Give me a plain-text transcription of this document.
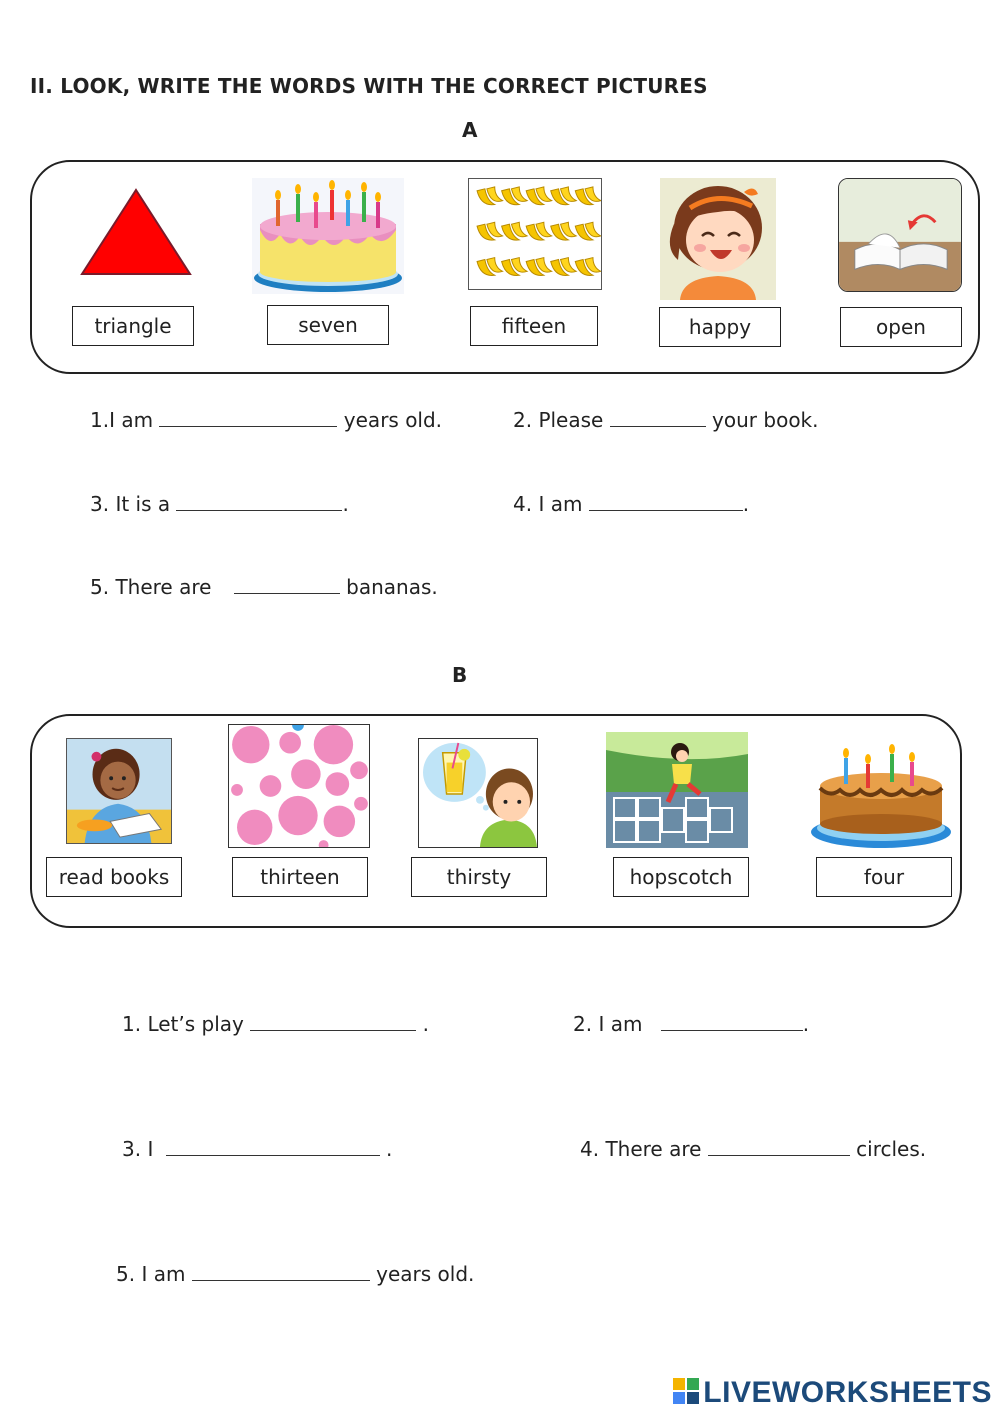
II. LOOK, WRITE THE WORDS WITH THE CORRECT PICTURES
A
triangle	seven	fifteen	happy	open
1.I am	years old.	2. Please	your book.
3. It is a	.	4. I am	.
5. There are	bananas.
B
read books	thirteen	thirsty	hopscotch	four
1. Let’s play	.	2. I am	.
3. I	.	4. There are	circles.
5. I am	years old.
LIVEWORKSHEETS
